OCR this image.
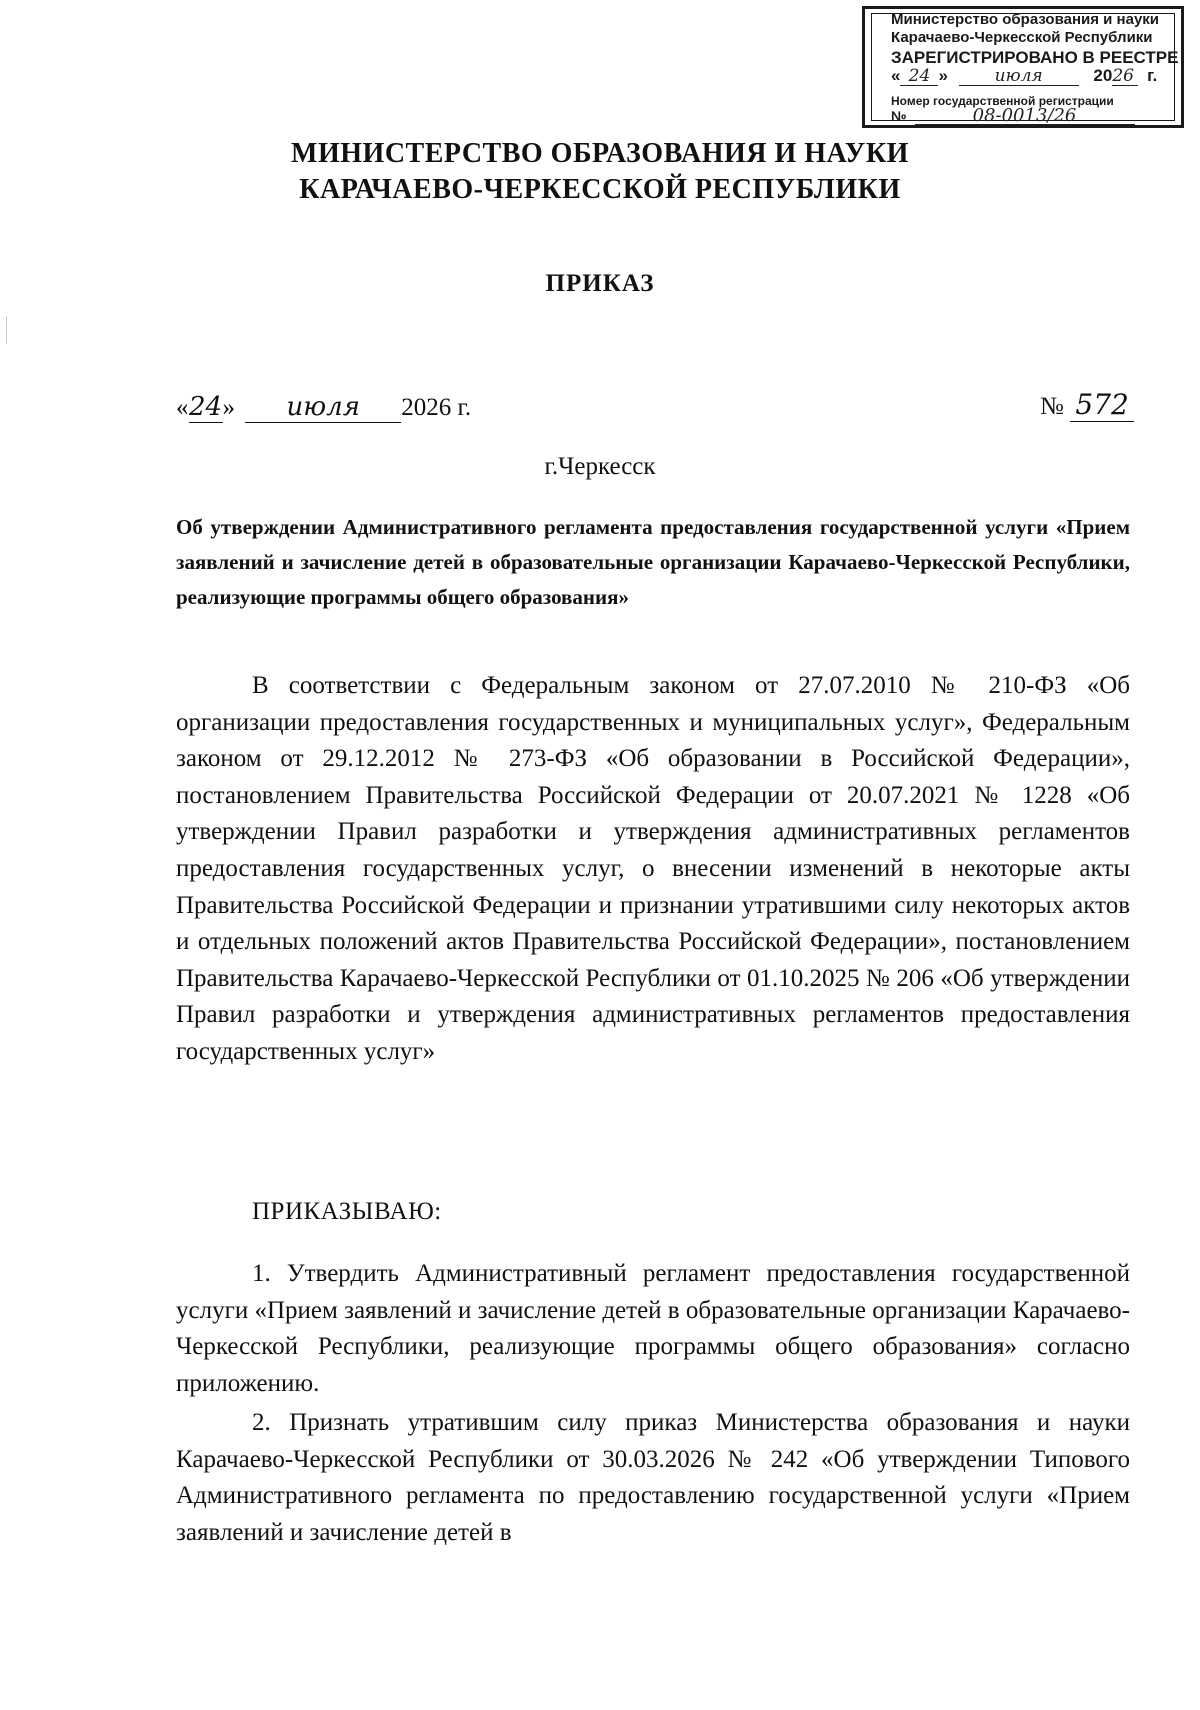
Министерство образования и науки
Карачаево-Черкесской Республики
ЗАРЕГИСТРИРОВАНО В РЕЕСТРЕ
« 24 »	июля	2026 г.
Номер государственной регистрации
№	08-0013/26
МИНИСТЕРСТВО ОБРАЗОВАНИЯ И НАУКИ
КАРАЧАЕВО-ЧЕРКЕССКОЙ РЕСПУБЛИКИ
ПРИКАЗ
«24» июля 2026 г.	№ 572
г.Черкесск
Об утверждении Административного регламента предоставления государственной услуги «Прием заявлений и зачисление детей в образовательные организации Карачаево-Черкесской Республики, реализующие программы общего образования»
В соответствии с Федеральным законом от 27.07.2010 № 210-ФЗ «Об организации предоставления государственных и муниципальных услуг», Федеральным законом от 29.12.2012 № 273-ФЗ «Об образовании в Российской Федерации», постановлением Правительства Российской Федерации от 20.07.2021 № 1228 «Об утверждении Правил разработки и утверждения административных регламентов предоставления государственных услуг, о внесении изменений в некоторые акты Правительства Российской Федерации и признании утратившими силу некоторых актов и отдельных положений актов Правительства Российской Федерации», постановлением Правительства Карачаево-Черкесской Республики от 01.10.2025 № 206 «Об утверждении Правил разработки и утверждения административных регламентов предоставления государственных услуг»
ПРИКАЗЫВАЮ:
1. Утвердить Административный регламент предоставления государственной услуги «Прием заявлений и зачисление детей в образовательные организации Карачаево-Черкесской Республики, реализующие программы общего образования» согласно приложению.
2. Признать утратившим силу приказ Министерства образования и науки Карачаево-Черкесской Республики от 30.03.2026 № 242 «Об утверждении Типового Административного регламента по предоставлению государственной услуги «Прием заявлений и зачисление детей в
